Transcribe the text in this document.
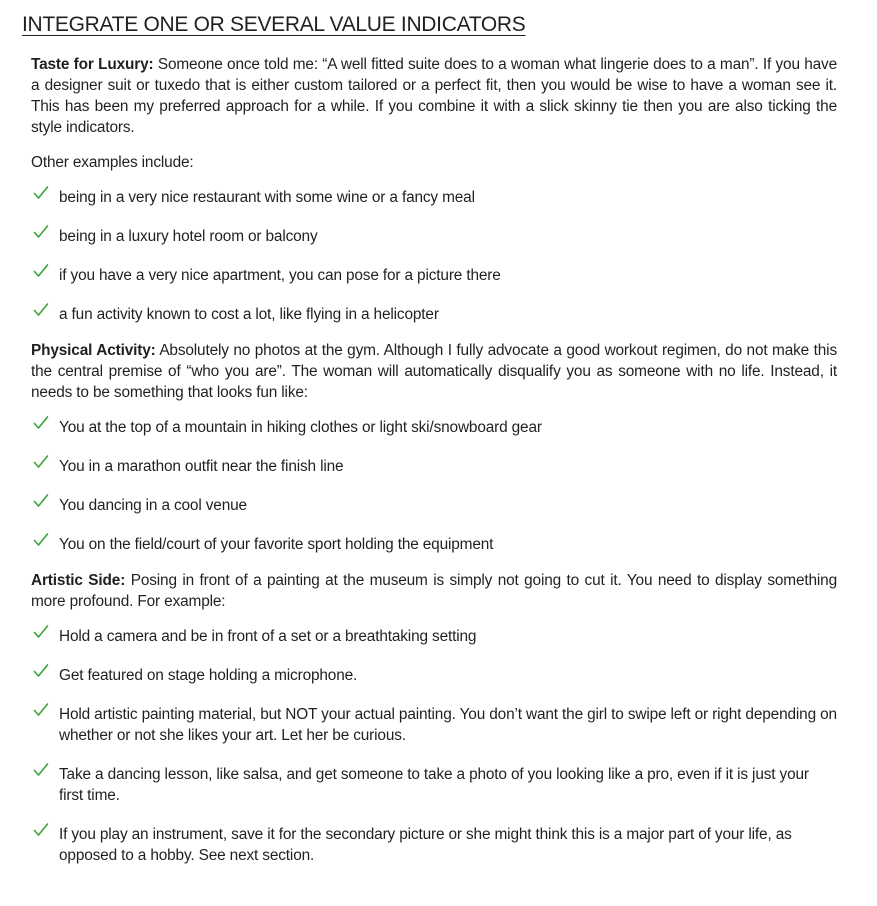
INTEGRATE ONE OR SEVERAL VALUE INDICATORS

Taste for Luxury: Someone once told me: “A well fitted suite does to a woman what lingerie does to a man”. If you have a designer suit or tuxedo that is either custom tailored or a perfect fit, then you would be wise to have a woman see it. This has been my preferred approach for a while. If you combine it with a slick skinny tie then you are also ticking the style indicators.

Other examples include:

being in a very nice restaurant with some wine or a fancy meal
being in a luxury hotel room or balcony
if you have a very nice apartment, you can pose for a picture there
a fun activity known to cost a lot, like flying in a helicopter

Physical Activity: Absolutely no photos at the gym. Although I fully advocate a good workout regimen, do not make this the central premise of “who you are”. The woman will automatically disqualify you as someone with no life. Instead, it needs to be something that looks fun like:

You at the top of a mountain in hiking clothes or light ski/snowboard gear
You in a marathon outfit near the finish line
You dancing in a cool venue
You on the field/court of your favorite sport holding the equipment

Artistic Side: Posing in front of a painting at the museum is simply not going to cut it. You need to display something more profound. For example:

Hold a camera and be in front of a set or a breathtaking setting
Get featured on stage holding a microphone.
Hold artistic painting material, but NOT your actual painting. You don’t want the girl to swipe left or right depending on whether or not she likes your art. Let her be curious.
Take a dancing lesson, like salsa, and get someone to take a photo of you looking like a pro, even if it is just your first time.
If you play an instrument, save it for the secondary picture or she might think this is a major part of your life, as opposed to a hobby. See next section.
